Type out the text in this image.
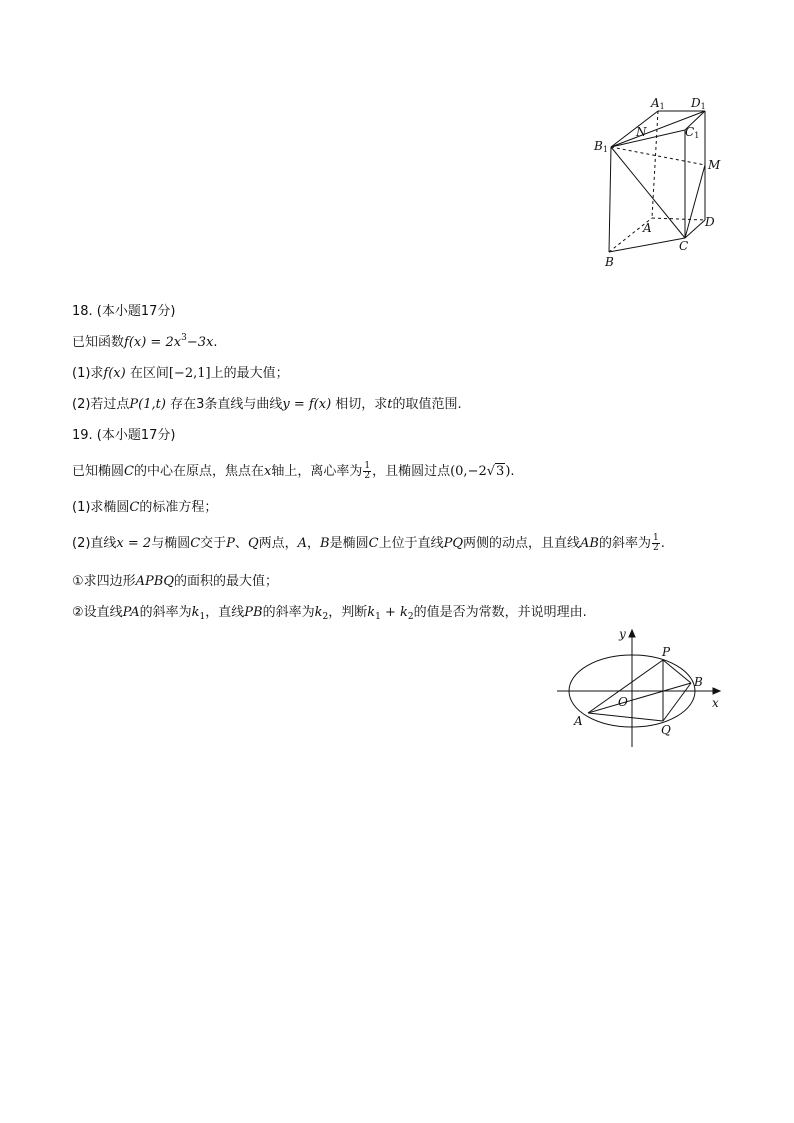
A1 D1
N	C1
B1
M
A	D
C
B
18. (本小题17分)
已知函数$f(x) = 2x^3-3x$.
(1)求f(x) 在区间[−2,1]上的最大值；
(2)若过点P(1,t) 存在3条直线与曲线y = f(x) 相切，求t的取值范围.
19. (本小题17分)
已知椭圆C的中心在原点，焦点在x轴上，离心率为 $\frac{1}{2}$ ，且椭圆过点(0,−2√3).
(1)求椭圆C的标准方程；
(2)直线x = 2与椭圆C交于P、Q两点，A，B是椭圆C上位于直线PQ两侧的动点，且直线AB的斜率为 $\frac{1}{2}$ .
①求四边形APBQ的面积的最大值；
②设直线PA的斜率为$k_1$，直线PB的斜率为$k_2$，判断$k_1 + k_2$的值是否为常数，并说明理由.
y
x
P
B
O
A
Q
